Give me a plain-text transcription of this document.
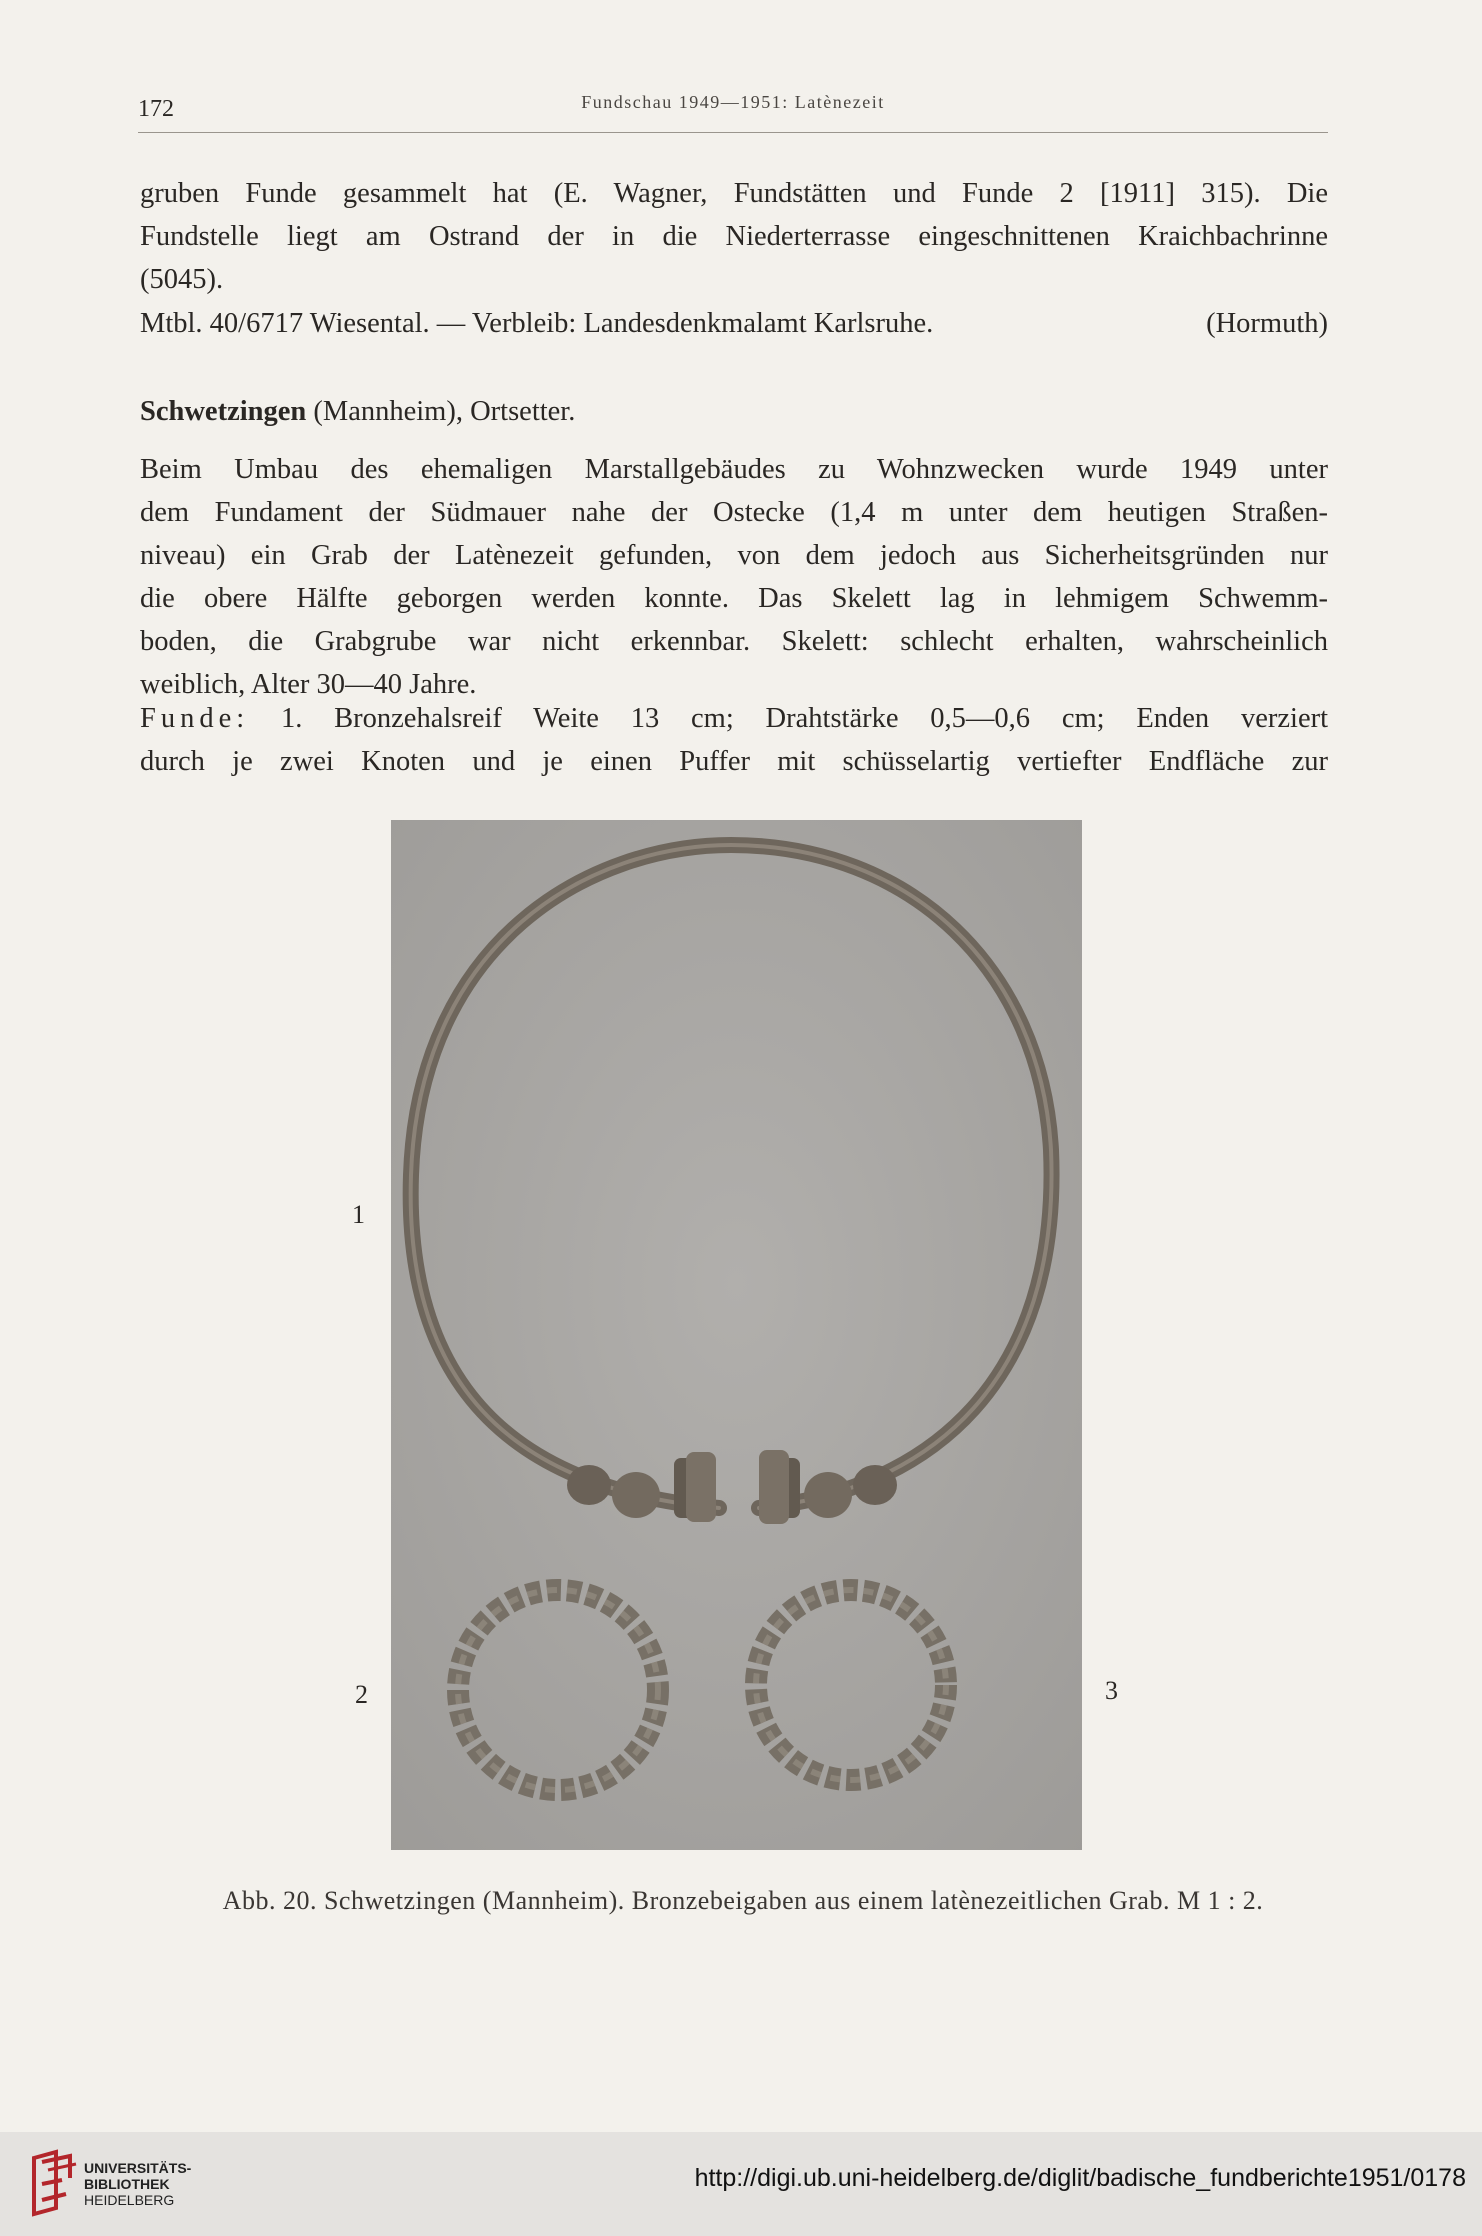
172	Fundschau 1949—1951: Latènezeit
gruben Funde gesammelt hat (E. Wagner, Fundstätten und Funde 2 [1911] 315). Die
Fundstelle liegt am Ostrand der in die Niederterrasse eingeschnittenen Kraichbachrinne
(5045).
Mtbl. 40/6717 Wiesental. — Verbleib: Landesdenkmalamt Karlsruhe.	(Hormuth)
Schwetzingen (Mannheim), Ortsetter.
Beim Umbau des ehemaligen Marstallgebäudes zu Wohnzwecken wurde 1949 unter
dem Fundament der Südmauer nahe der Ostecke (1,4 m unter dem heutigen Straßen-
niveau) ein Grab der Latènezeit gefunden, von dem jedoch aus Sicherheitsgründen nur
die obere Hälfte geborgen werden konnte. Das Skelett lag in lehmigem Schwemm-
boden, die Grabgrube war nicht erkennbar. Skelett: schlecht erhalten, wahrscheinlich
weiblich, Alter 30—40 Jahre.
Funde: 1. Bronzehalsreif Weite 13 cm; Drahtstärke 0,5—0,6 cm; Enden verziert
durch je zwei Knoten und je einen Puffer mit schüsselartig vertiefter Endfläche zur
1
2	3
Abb. 20. Schwetzingen (Mannheim). Bronzebeigaben aus einem latènezeitlichen Grab. M 1 : 2.
UNIVERSITÄTS-
BIBLIOTHEK
HEIDELBERG
http://digi.ub.uni-heidelberg.de/diglit/badische_fundberichte1951/0178
